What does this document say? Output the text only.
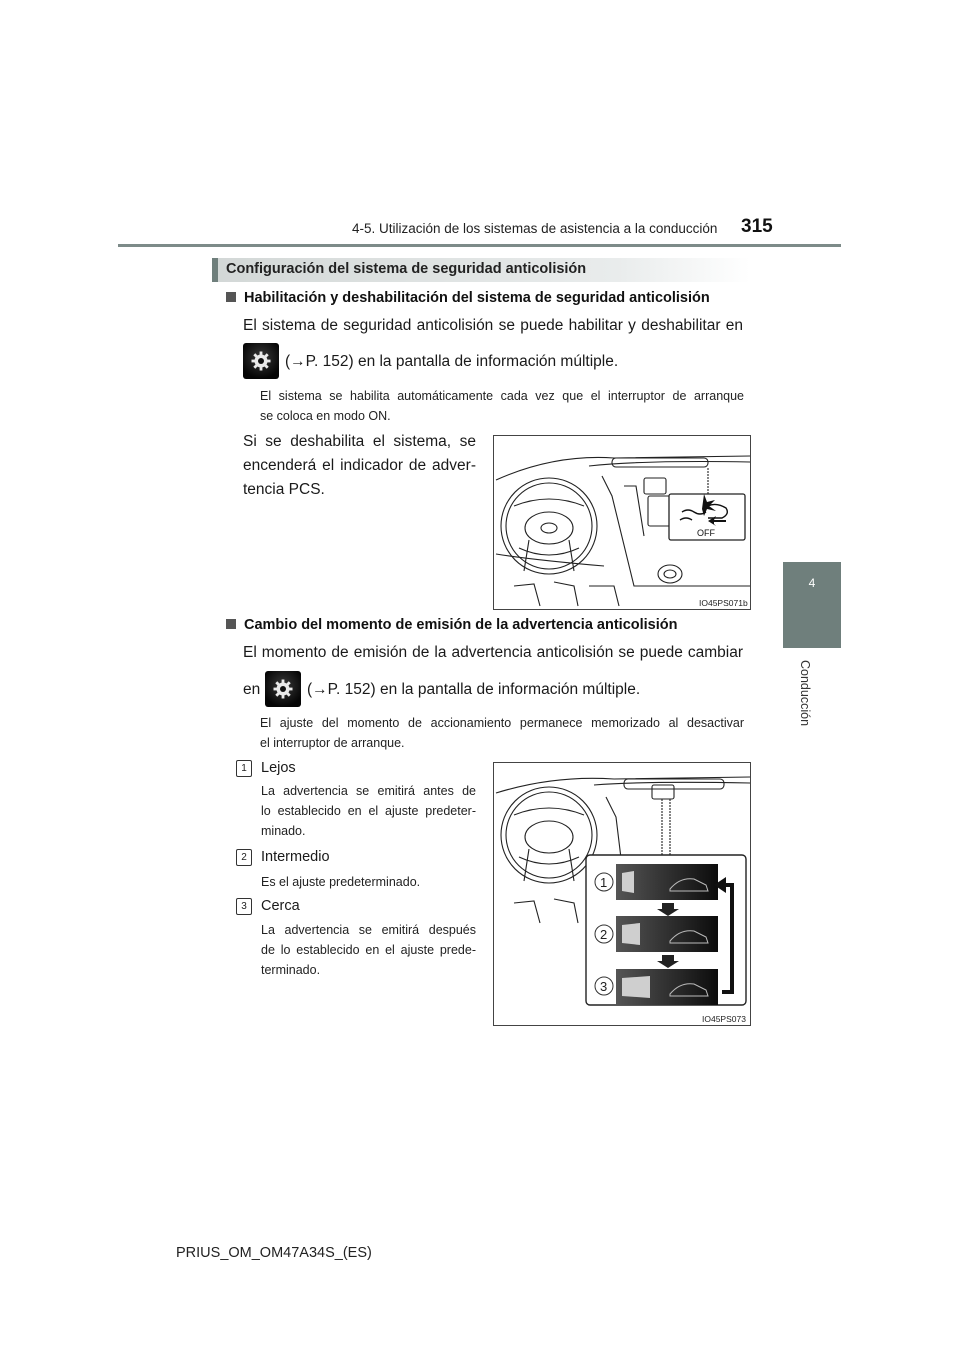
4-5. Utilización de los sistemas de asistencia a la conducción 315
4
Conducción
Configuración del sistema de seguridad anticolisión
Habilitación y deshabilitación del sistema de seguridad anticolisión
El sistema de seguridad anticolisión se puede habilitar y deshabilitar en
(→P. 152) en la pantalla de información múltiple.
El sistema se habilita automáticamente cada vez que el interruptor de arranque
se coloca en modo ON.
Si se deshabilita el sistema, se
encenderá el indicador de adver-
tencia PCS.
OFF
IO45PS071b
Cambio del momento de emisión de la advertencia anticolisión
El momento de emisión de la advertencia anticolisión se puede cambiar
en	(→P. 152) en la pantalla de información múltiple.
El ajuste del momento de accionamiento permanece memorizado al desactivar
el interruptor de arranque.
1 Lejos
La advertencia se emitirá antes de
lo establecido en el ajuste predeter-
minado.
2 Intermedio
Es el ajuste predeterminado.
3 Cerca
La advertencia se emitirá después
de lo establecido en el ajuste prede-
terminado.
1
2
3
IO45PS073
PRIUS_OM_OM47A34S_(ES)
